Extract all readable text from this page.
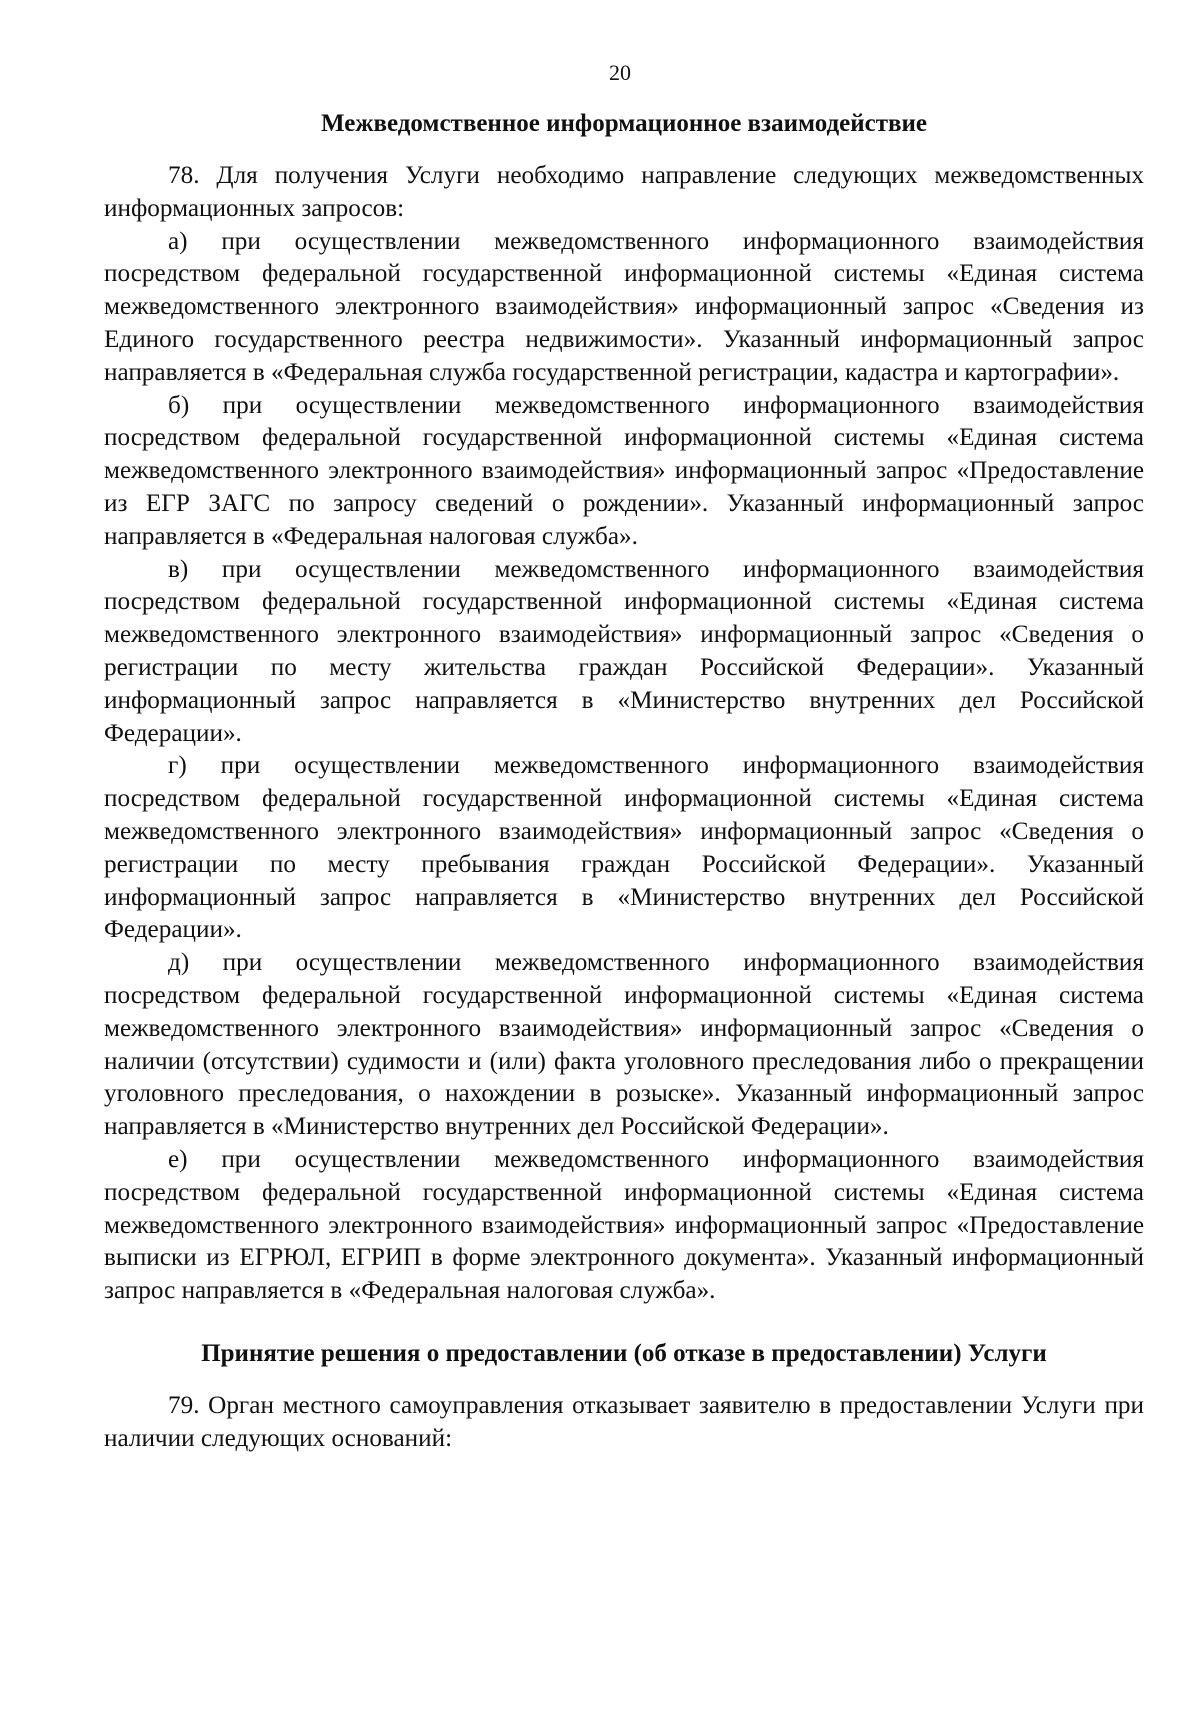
20
Межведомственное информационное взаимодействие

78. Для получения Услуги необходимо направление следующих межведомственных информационных запросов:

а) при осуществлении межведомственного информационного взаимодействия посредством федеральной государственной информационной системы «Единая система межведомственного электронного взаимодействия» информационный запрос «Сведения из Единого государственного реестра недвижимости». Указанный информационный запрос направляется в «Федеральная служба государственной регистрации, кадастра и картографии».

б) при осуществлении межведомственного информационного взаимодействия посредством федеральной государственной информационной системы «Единая система межведомственного электронного взаимодействия» информационный запрос «Предоставление из ЕГР ЗАГС по запросу сведений о рождении». Указанный информационный запрос направляется в «Федеральная налоговая служба».

в) при осуществлении межведомственного информационного взаимодействия посредством федеральной государственной информационной системы «Единая система межведомственного электронного взаимодействия» информационный запрос «Сведения о регистрации по месту жительства граждан Российской Федерации». Указанный информационный запрос направляется в «Министерство внутренних дел Российской Федерации».

г) при осуществлении межведомственного информационного взаимодействия посредством федеральной государственной информационной системы «Единая система межведомственного электронного взаимодействия» информационный запрос «Сведения о регистрации по месту пребывания граждан Российской Федерации». Указанный информационный запрос направляется в «Министерство внутренних дел Российской Федерации».

д) при осуществлении межведомственного информационного взаимодействия посредством федеральной государственной информационной системы «Единая система межведомственного электронного взаимодействия» информационный запрос «Сведения о наличии (отсутствии) судимости и (или) факта уголовного преследования либо о прекращении уголовного преследования, о нахождении в розыске». Указанный информационный запрос направляется в «Министерство внутренних дел Российской Федерации».

е) при осуществлении межведомственного информационного взаимодействия посредством федеральной государственной информационной системы «Единая система межведомственного электронного взаимодействия» информационный запрос «Предоставление выписки из ЕГРЮЛ, ЕГРИП в форме электронного документа». Указанный информационный запрос направляется в «Федеральная налоговая служба».

Принятие решения о предоставлении (об отказе в предоставлении) Услуги

79. Орган местного самоуправления отказывает заявителю в предоставлении Услуги при наличии следующих оснований:
